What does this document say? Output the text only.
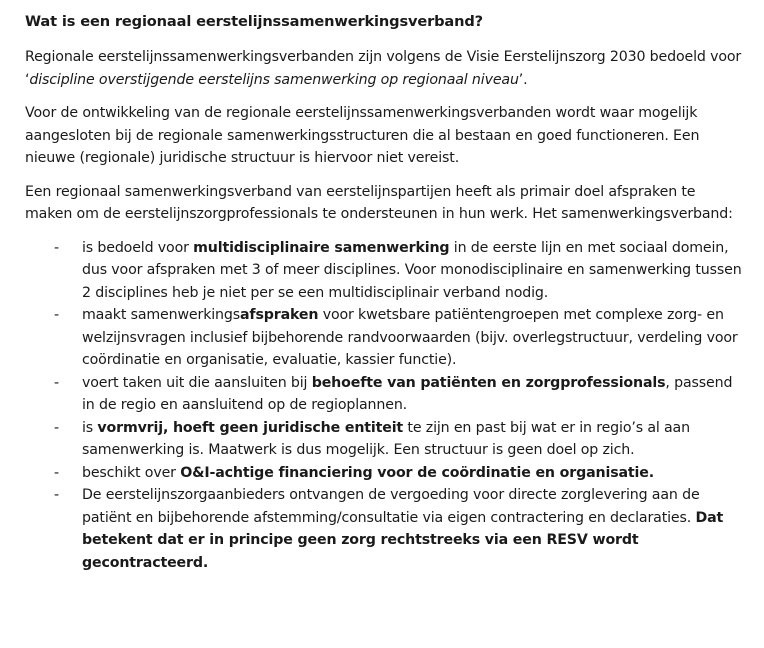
Wat is een regionaal eerstelijnssamenwerkingsverband?

Regionale eerstelijnssamenwerkingsverbanden zijn volgens de Visie Eerstelijnszorg 2030 bedoeld voor ‘discipline overstijgende eerstelijns samenwerking op regionaal niveau’.

Voor de ontwikkeling van de regionale eerstelijnssamenwerkingsverbanden wordt waar mogelijk aangesloten bij de regionale samenwerkingsstructuren die al bestaan en goed functioneren. Een nieuwe (regionale) juridische structuur is hiervoor niet vereist.

Een regionaal samenwerkingsverband van eerstelijnspartijen heeft als primair doel afspraken te maken om de eerstelijnszorgprofessionals te ondersteunen in hun werk. Het samenwerkingsverband:

- is bedoeld voor multidisciplinaire samenwerking in de eerste lijn en met sociaal domein, dus voor afspraken met 3 of meer disciplines. Voor monodisciplinaire en samenwerking tussen 2 disciplines heb je niet per se een multidisciplinair verband nodig.
- maakt samenwerkingsafspraken voor kwetsbare patiëntengroepen met complexe zorg- en welzijnsvragen inclusief bijbehorende randvoorwaarden (bijv. overlegstructuur, verdeling voor coördinatie en organisatie, evaluatie, kassier functie).
- voert taken uit die aansluiten bij behoefte van patiënten en zorgprofessionals, passend in de regio en aansluitend op de regioplannen.
- is vormvrij, hoeft geen juridische entiteit te zijn en past bij wat er in regio’s al aan samenwerking is. Maatwerk is dus mogelijk. Een structuur is geen doel op zich.
- beschikt over O&I-achtige financiering voor de coördinatie en organisatie.
- De eerstelijnszorgaanbieders ontvangen de vergoeding voor directe zorglevering aan de patiënt en bijbehorende afstemming/consultatie via eigen contractering en declaraties. Dat betekent dat er in principe geen zorg rechtstreeks via een RESV wordt gecontracteerd.
